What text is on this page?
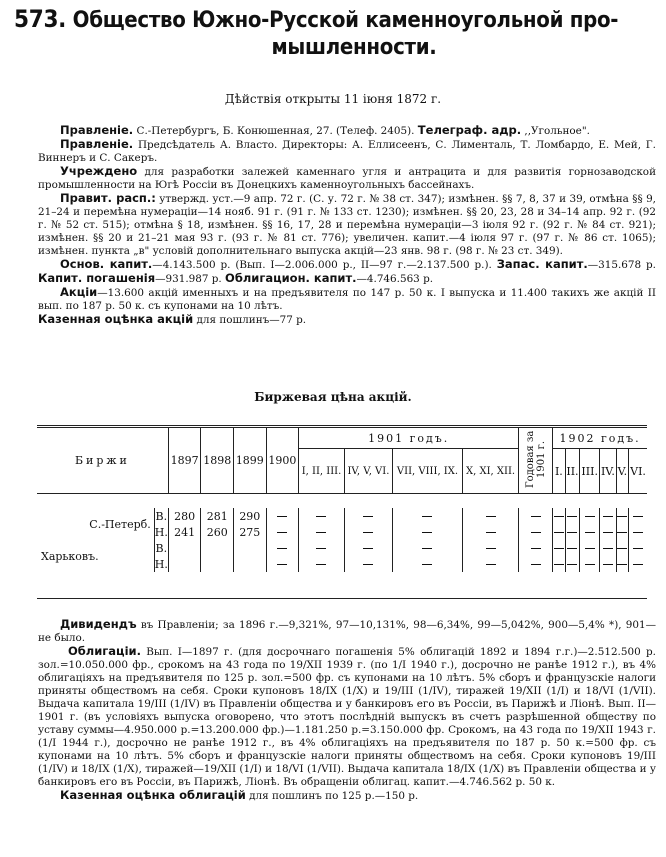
573. Общество Южно-Русской каменноугольной про-
мышленности.
Дѣйствія открыты 11 іюня 1872 г.

Правленіе. С.-Петербургъ, Б. Конюшенная, 27. (Телеф. 2405). Телеграф. адр. ,,Угольное".

Правленіе. Предсѣдатель А. Власто. Директоры: А. Еллисеенъ, С. Лименталь, Т. Ломбардо, Е. Мей, Г. Виннеръ и С. Сакеръ.

Учреждено для разработки залежей каменнаго угля и антрацита и для развитія горнозаводской промышленности на Югѣ Россіи въ Донецкихъ каменноугольныхъ бассейнахъ.

Правит. расп.: утвержд. уст.—9 апр. 72 г. (С. у. 72 г. № 38 ст. 347); измѣнен. §§ 7, 8, 37 и 39, отмѣна §§ 9, 21–24 и перемѣна нумераціи—14 нояб. 91 г. (91 г. № 133 ст. 1230); измѣнен. §§ 20, 23, 28 и 34–14 апр. 92 г. (92 г. № 52 ст. 515); отмѣна § 18, измѣнен. §§ 16, 17, 28 и перемѣна нумераціи—3 іюля 92 г. (92 г. № 84 ст. 921); измѣнен. §§ 20 и 21–21 мая 93 г. (93 г. № 81 ст. 776); увеличен. капит.—4 іюля 97 г. (97 г. № 86 ст. 1065); измѣнен. пункта „в" условій дополнительнаго выпуска акцій—23 янв. 98 г. (98 г. № 23 ст. 349).

Основ. капит.—4.143.500 р. (Вып. I—2.006.000 р., II—97 г.—2.137.500 р.). Запас. капит.—315.678 р. Капит. погашенія—931.987 р. Облигацион. капит.—4.746.563 р.

Акціи—13.600 акцій именныхъ и на предъявителя по 147 р. 50 к. I выпуска и 11.400 такихъ же акцій II вып. по 187 р. 50 к. съ купонами на 10 лѣтъ.

Казенная оцѣнка акцій для пошлинъ—77 р.

Биржевая цѣна акцій.
Биржи		1897	1898	1899	1900	1901 годъ.				Годовая за 1901 г.	1902 годъ.					
						I, II, III.	IV, V, VI.	VII, VIII, IX.	X, XI, XII.		I.	II.	III.	IV.	V.	VI.

С.-Петерб.	В.	280	281	290												
	Н.	241	260	275												
Харьковъ.	В.															
	Н.															

Дивидендъ въ Правленіи; за 1896 г.—9,321%, 97—10,131%, 98—6,34%, 99—5,042%, 900—5,4% *), 901—не было.

Облигаціи. Вып. I—1897 г. (для досрочнаго погашенія 5% облигацій 1892 и 1894 г.г.)—2.512.500 р. зол.=10.050.000 фр., срокомъ на 43 года по 19/XII 1939 г. (по 1/I 1940 г.), досрочно не ранѣе 1912 г.), въ 4% облигаціяхъ на предъявителя по 125 р. зол.=500 фр. съ купонами на 10 лѣтъ. 5% сборъ и французскіе налоги приняты обществомъ на себя. Сроки купоновъ 18/IX (1/X) и 19/III (1/IV), тиражей 19/XII (1/I) и 18/VI (1/VII). Выдача капитала 19/III (1/IV) въ Правленіи общества и у банкировъ его въ Россіи, въ Парижѣ и Ліонѣ. Вып. II—1901 г. (въ условіяхъ выпуска оговорено, что этотъ послѣдній выпускъ въ счетъ разрѣшенной обществу по уставу суммы—4.950.000 р.=13.200.000 фр.)—1.181.250 р.=3.150.000 фр. Срокомъ, на 43 года по 19/XII 1943 г. (1/I 1944 г.), досрочно не ранѣе 1912 г., въ 4% облигаціяхъ на предъявителя по 187 р. 50 к.=500 фр. съ купонами на 10 лѣтъ. 5% сборъ и французскіе налоги приняты обществомъ на себя. Сроки купоновъ 19/III (1/IV) и 18/IX (1/X), тиражей—19/XII (1/I) и 18/VI (1/VII). Выдача капитала 18/IX (1/X) въ Правленіи общества и у банкировъ его въ Россіи, въ Парижѣ, Ліонѣ. Въ обращеніи облигац. капит.—4.746.562 р. 50 к.

Казенная оцѣнка облигацій для пошлинъ по 125 р.—150 р.
